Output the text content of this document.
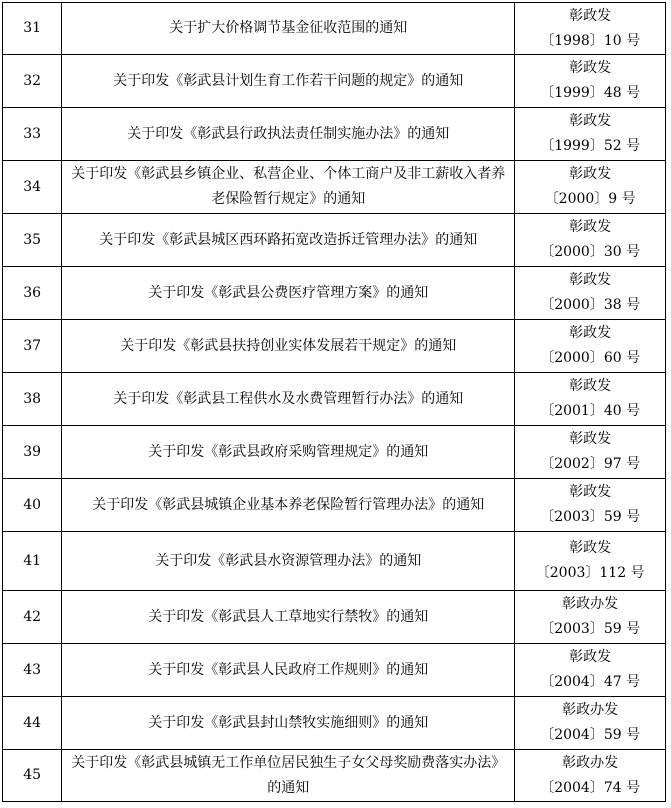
31	关于扩大价格调节基金征收范围的通知	彰政发
〔1998〕10 号

32	关于印发《彰武县计划生育工作若干问题的规定》的通知	彰政发
〔1999〕48 号

33	关于印发《彰武县行政执法责任制实施办法》的通知	彰政发
〔1999〕52 号

34	关于印发《彰武县乡镇企业、私营企业、个体工商户及非工薪收入者养老保险暂行规定》的通知	彰政发
〔2000〕9 号

35	关于印发《彰武县城区西环路拓宽改造拆迁管理办法》的通知	彰政发
〔2000〕30 号

36	关于印发《彰武县公费医疗管理方案》的通知	彰政发
〔2000〕38 号

37	关于印发《彰武县扶持创业实体发展若干规定》的通知	彰政发
〔2000〕60 号

38	关于印发《彰武县工程供水及水费管理暂行办法》的通知	彰政发
〔2001〕40 号

39	关于印发《彰武县政府采购管理规定》的通知	彰政发
〔2002〕97 号

40	关于印发《彰武县城镇企业基本养老保险暂行管理办法》的通知	彰政发
〔2003〕59 号

41	关于印发《彰武县水资源管理办法》的通知	彰政发
〔2003〕112 号

42	关于印发《彰武县人工草地实行禁牧》的通知	彰政办发
〔2003〕59 号

43	关于印发《彰武县人民政府工作规则》的通知	彰政发
〔2004〕47 号

44	关于印发《彰武县封山禁牧实施细则》的通知	彰政办发
〔2004〕59 号

45	关于印发《彰武县城镇无工作单位居民独生子女父母奖励费落实办法》的通知	彰政办发
〔2004〕74 号
